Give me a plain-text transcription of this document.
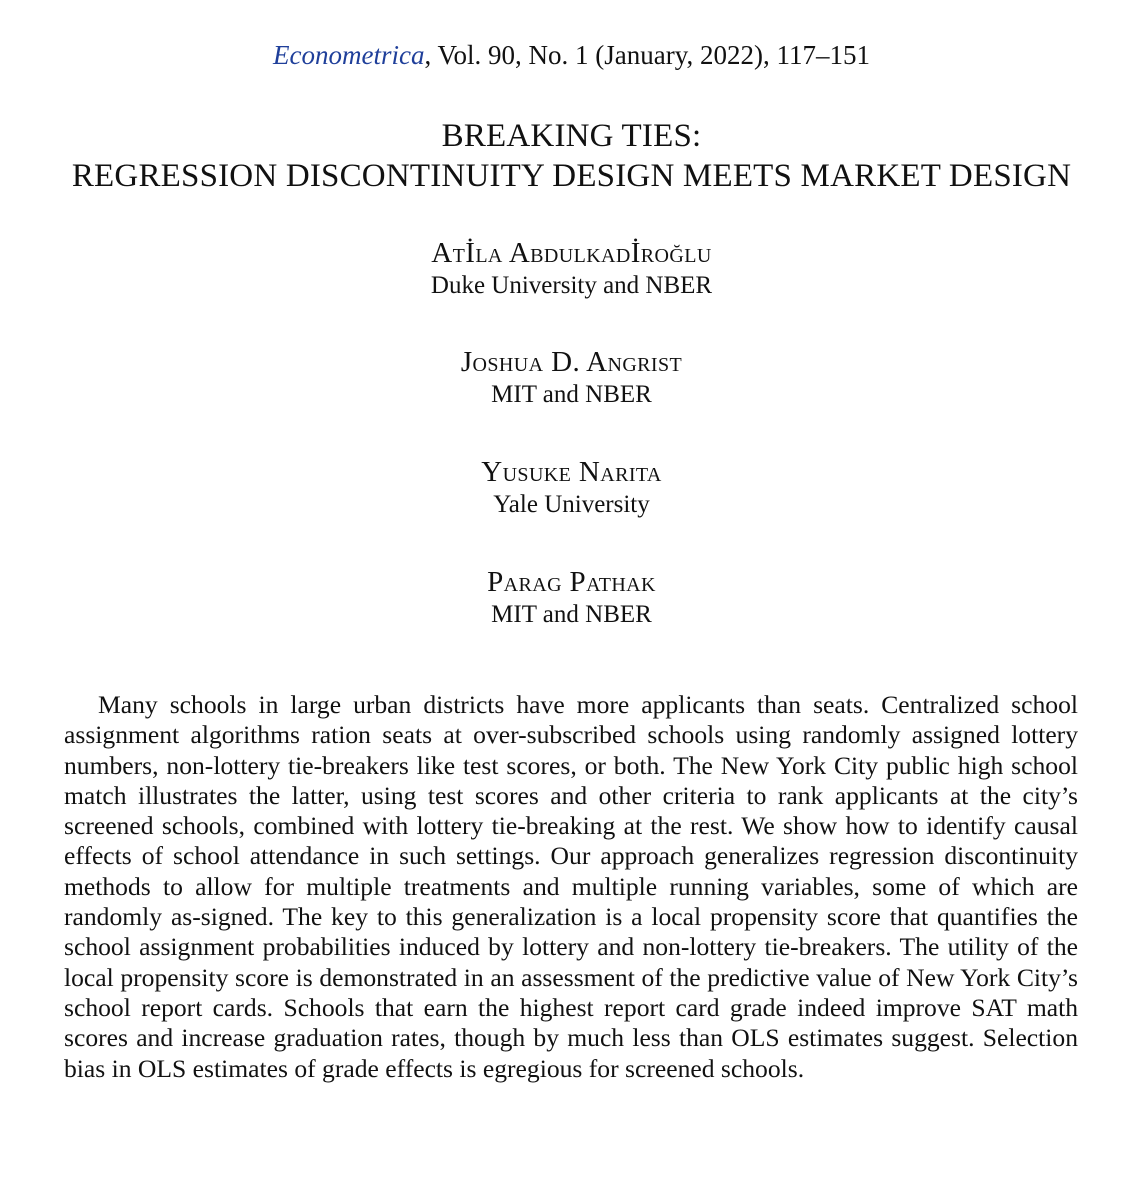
Econometrica, Vol. 90, No. 1 (January, 2022), 117–151
BREAKING TIES:
REGRESSION DISCONTINUITY DESIGN MEETS MARKET DESIGN
Atİla Abdulkadİroğlu
Duke University and NBER
Joshua D. Angrist
MIT and NBER
Yusuke Narita
Yale University
Parag Pathak
MIT and NBER

Many schools in large urban districts have more applicants than seats. Centralized school assignment algorithms ration seats at over-subscribed schools using randomly assigned lottery numbers, non-lottery tie-breakers like test scores, or both. The New York City public high school match illustrates the latter, using test scores and other criteria to rank applicants at the city’s screened schools, combined with lottery tie-breaking at the rest. We show how to identify causal effects of school attendance in such settings. Our approach generalizes regression discontinuity methods to allow for multiple treatments and multiple running variables, some of which are randomly as-signed. The key to this generalization is a local propensity score that quantifies the school assignment probabilities induced by lottery and non-lottery tie-breakers. The utility of the local propensity score is demonstrated in an assessment of the predictive value of New York City’s school report cards. Schools that earn the highest report card grade indeed improve SAT math scores and increase graduation rates, though by much less than OLS estimates suggest. Selection bias in OLS estimates of grade effects is egregious for screened schools.
